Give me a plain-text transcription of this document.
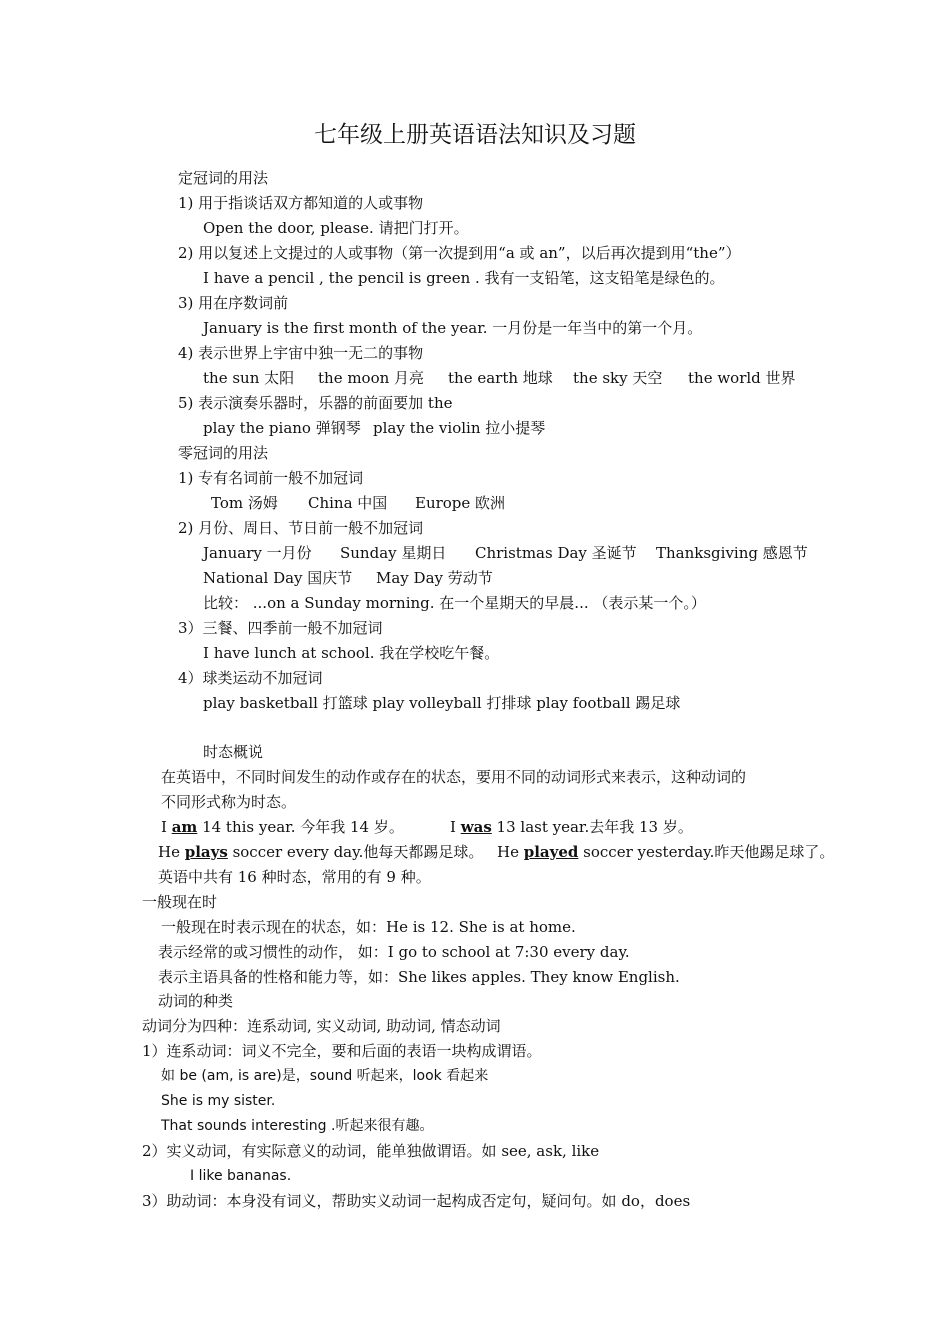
七年级上册英语语法知识及习题
定冠词的用法
1) 用于指谈话双方都知道的人或事物
Open the door, please. 请把门打开。
2) 用以复述上文提过的人或事物（第一次提到用“a 或 an”，以后再次提到用“the”）
I have a pencil , the pencil is green . 我有一支铅笔，这支铅笔是绿色的。
3) 用在序数词前
January is the first month of the year. 一月份是一年当中的第一个月。
4) 表示世界上宇宙中独一无二的事物
the sun 太阳 the moon 月亮 the earth 地球 the sky 天空 the world 世界
5) 表示演奏乐器时，乐器的前面要加 the
play the piano 弹钢琴 play the violin 拉小提琴
零冠词的用法
1) 专有名词前一般不加冠词
Tom 汤姆 China 中国 Europe 欧洲
2) 月份、周日、节日前一般不加冠词
January 一月份 Sunday 星期日 Christmas Day 圣诞节 Thanksgiving 感恩节
National Day 国庆节 May Day 劳动节
比较： ...on a Sunday morning. 在一个星期天的早晨... （表示某一个。）
3）三餐、四季前一般不加冠词
I have lunch at school. 我在学校吃午餐。
4）球类运动不加冠词
play basketball 打篮球 play volleyball 打排球 play football 踢足球
时态概说
在英语中，不同时间发生的动作或存在的状态，要用不同的动词形式来表示，这种动词的
不同形式称为时态。
I am 14 this year. 今年我 14 岁。	I was 13 last year.去年我 13 岁。
He plays soccer every day.他每天都踢足球。 He played soccer yesterday.昨天他踢足球了。
英语中共有 16 种时态，常用的有 9 种。
一般现在时
一般现在时表示现在的状态，如：He is 12. She is at home.
表示经常的或习惯性的动作， 如：I go to school at 7:30 every day.
表示主语具备的性格和能力等，如：She likes apples. They know English.
动词的种类
动词分为四种：连系动词, 实义动词, 助动词, 情态动词
1）连系动词：词义不完全，要和后面的表语一块构成谓语。
如 be (am, is are)是，sound 听起来，look 看起来
She is my sister.
That sounds interesting .听起来很有趣。
2）实义动词，有实际意义的动词，能单独做谓语。如 see, ask, like
I like bananas.
3）助动词：本身没有词义，帮助实义动词一起构成否定句，疑问句。如 do，does
